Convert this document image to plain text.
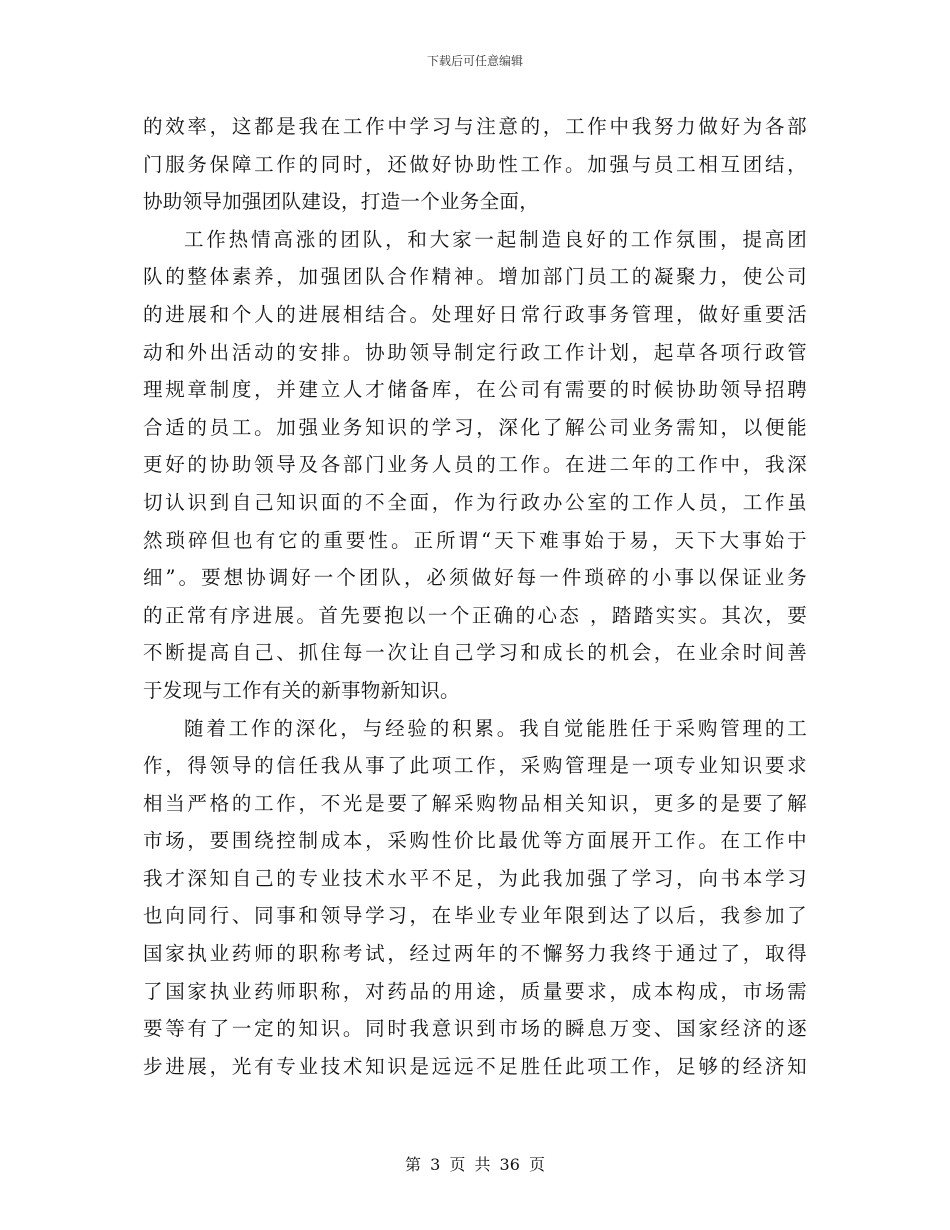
下载后可任意编辑
的效率，这都是我在工作中学习与注意的，工作中我努力做好为各部
门服务保障工作的同时，还做好协助性工作。加强与员工相互团结，
协助领导加强团队建设，打造一个业务全面，
工作热情高涨的团队，和大家一起制造良好的工作氛围，提高团
队的整体素养，加强团队合作精神。增加部门员工的凝聚力，使公司
的进展和个人的进展相结合。处理好日常行政事务管理，做好重要活
动和外出活动的安排。协助领导制定行政工作计划，起草各项行政管
理规章制度，并建立人才储备库，在公司有需要的时候协助领导招聘
合适的员工。加强业务知识的学习，深化了解公司业务需知，以便能
更好的协助领导及各部门业务人员的工作。在进二年的工作中，我深
切认识到自己知识面的不全面，作为行政办公室的工作人员，工作虽
然琐碎但也有它的重要性。正所谓“天下难事始于易，天下大事始于
细”。要想协调好一个团队，必须做好每一件琐碎的小事以保证业务
的正常有序进展。首先要抱以一个正确的心态 ，踏踏实实。其次，要
不断提高自己、抓住每一次让自己学习和成长的机会，在业余时间善
于发现与工作有关的新事物新知识。
随着工作的深化，与经验的积累。我自觉能胜任于采购管理的工
作，得领导的信任我从事了此项工作，采购管理是一项专业知识要求
相当严格的工作，不光是要了解采购物品相关知识，更多的是要了解
市场，要围绕控制成本，采购性价比最优等方面展开工作。在工作中
我才深知自己的专业技术水平不足，为此我加强了学习，向书本学习
也向同行、同事和领导学习，在毕业专业年限到达了以后，我参加了
国家执业药师的职称考试，经过两年的不懈努力我终于通过了，取得
了国家执业药师职称，对药品的用途，质量要求，成本构成，市场需
要等有了一定的知识。同时我意识到市场的瞬息万变、国家经济的逐
步进展，光有专业技术知识是远远不足胜任此项工作，足够的经济知
第 3 页 共 36 页
